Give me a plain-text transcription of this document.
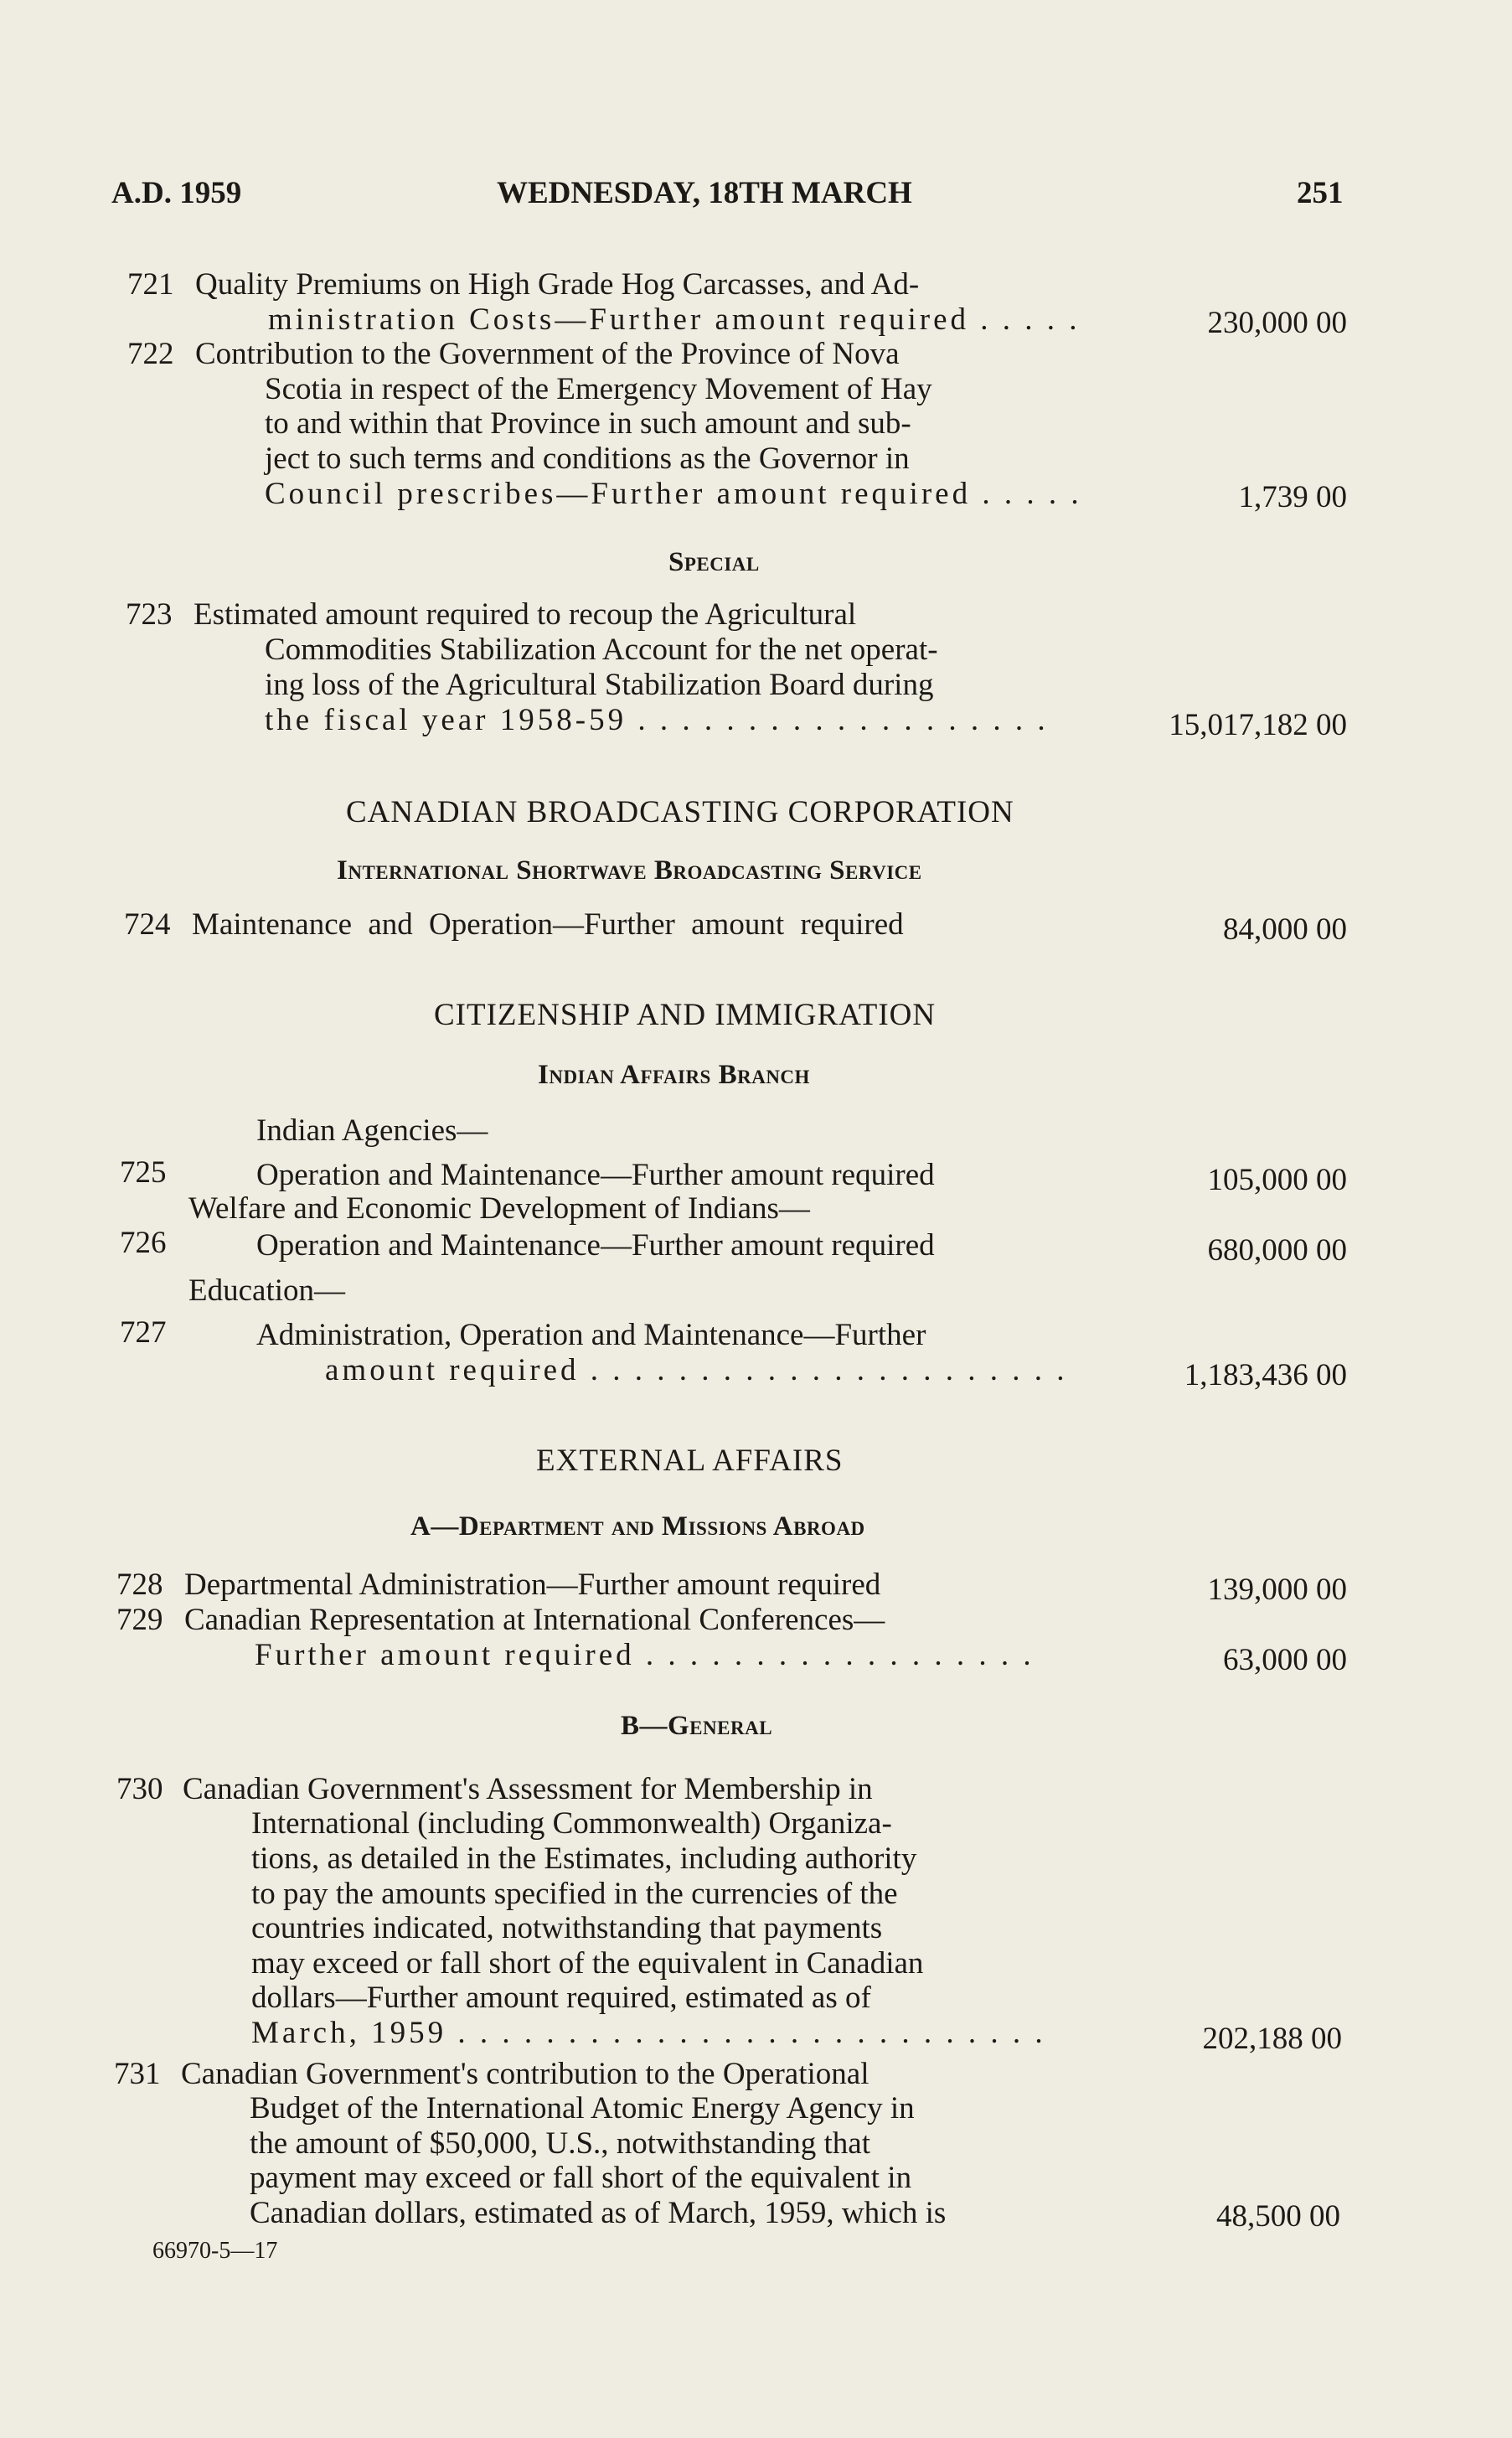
A.D. 1959	WEDNESDAY, 18TH MARCH	251
721 Quality Premiums on High Grade Hog Carcasses, and Ad-
ministration Costs—Further amount required . . . . .	230,000 00
722 Contribution to the Government of the Province of Nova
Scotia in respect of the Emergency Movement of Hay
to and within that Province in such amount and sub-
ject to such terms and conditions as the Governor in
Council prescribes—Further amount required . . . . .	1,739 00
Special
723 Estimated amount required to recoup the Agricultural
Commodities Stabilization Account for the net operat-
ing loss of the Agricultural Stabilization Board during
the fiscal year 1958-59 . . . . . . . . . . . . . . . . . . .	15,017,182 00
CANADIAN BROADCASTING CORPORATION
International Shortwave Broadcasting Service
724 Maintenance and Operation—Further amount required	84,000 00
CITIZENSHIP AND IMMIGRATION
Indian Affairs Branch
Indian Agencies—
725	Operation and Maintenance—Further amount required	105,000 00
Welfare and Economic Development of Indians—
726	Operation and Maintenance—Further amount required	680,000 00
Education—
727	Administration, Operation and Maintenance—Further
amount required . . . . . . . . . . . . . . . . . . . . . .	1,183,436 00
EXTERNAL AFFAIRS
A—Department and Missions Abroad
728 Departmental Administration—Further amount required	139,000 00
729 Canadian Representation at International Conferences—
Further amount required . . . . . . . . . . . . . . . . . .	63,000 00
B—General
730 Canadian Government's Assessment for Membership in
International (including Commonwealth) Organiza-
tions, as detailed in the Estimates, including authority
to pay the amounts specified in the currencies of the
countries indicated, notwithstanding that payments
may exceed or fall short of the equivalent in Canadian
dollars—Further amount required, estimated as of
March, 1959 . . . . . . . . . . . . . . . . . . . . . . . . . . .	202,188 00
731 Canadian Government's contribution to the Operational
Budget of the International Atomic Energy Agency in
the amount of $50,000, U.S., notwithstanding that
payment may exceed or fall short of the equivalent in
Canadian dollars, estimated as of March, 1959, which is	48,500 00
66970-5—17
